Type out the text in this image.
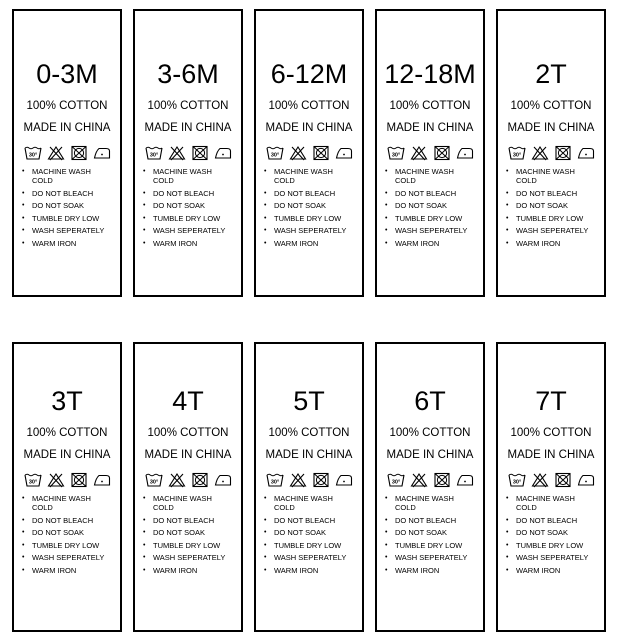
0-3M
100% COTTON
MADE IN CHINA
30°
• MACHINE WASH
COLD
• DO NOT BLEACH
• DO NOT SOAK
• TUMBLE DRY LOW
• WASH SEPERATELY
• WARM IRON
3-6M
100% COTTON
MADE IN CHINA
30°
• MACHINE WASH
COLD
• DO NOT BLEACH
• DO NOT SOAK
• TUMBLE DRY LOW
• WASH SEPERATELY
• WARM IRON
6-12M
100% COTTON
MADE IN CHINA
30°
• MACHINE WASH
COLD
• DO NOT BLEACH
• DO NOT SOAK
• TUMBLE DRY LOW
• WASH SEPERATELY
• WARM IRON
12-18M
100% COTTON
MADE IN CHINA
30°
• MACHINE WASH
COLD
• DO NOT BLEACH
• DO NOT SOAK
• TUMBLE DRY LOW
• WASH SEPERATELY
• WARM IRON
2T
100% COTTON
MADE IN CHINA
30°
• MACHINE WASH
COLD
• DO NOT BLEACH
• DO NOT SOAK
• TUMBLE DRY LOW
• WASH SEPERATELY
• WARM IRON
3T
100% COTTON
MADE IN CHINA
30°
• MACHINE WASH
COLD
• DO NOT BLEACH
• DO NOT SOAK
• TUMBLE DRY LOW
• WASH SEPERATELY
• WARM IRON
4T
100% COTTON
MADE IN CHINA
30°
• MACHINE WASH
COLD
• DO NOT BLEACH
• DO NOT SOAK
• TUMBLE DRY LOW
• WASH SEPERATELY
• WARM IRON
5T
100% COTTON
MADE IN CHINA
30°
• MACHINE WASH
COLD
• DO NOT BLEACH
• DO NOT SOAK
• TUMBLE DRY LOW
• WASH SEPERATELY
• WARM IRON
6T
100% COTTON
MADE IN CHINA
30°
• MACHINE WASH
COLD
• DO NOT BLEACH
• DO NOT SOAK
• TUMBLE DRY LOW
• WASH SEPERATELY
• WARM IRON
7T
100% COTTON
MADE IN CHINA
30°
• MACHINE WASH
COLD
• DO NOT BLEACH
• DO NOT SOAK
• TUMBLE DRY LOW
• WASH SEPERATELY
• WARM IRON
